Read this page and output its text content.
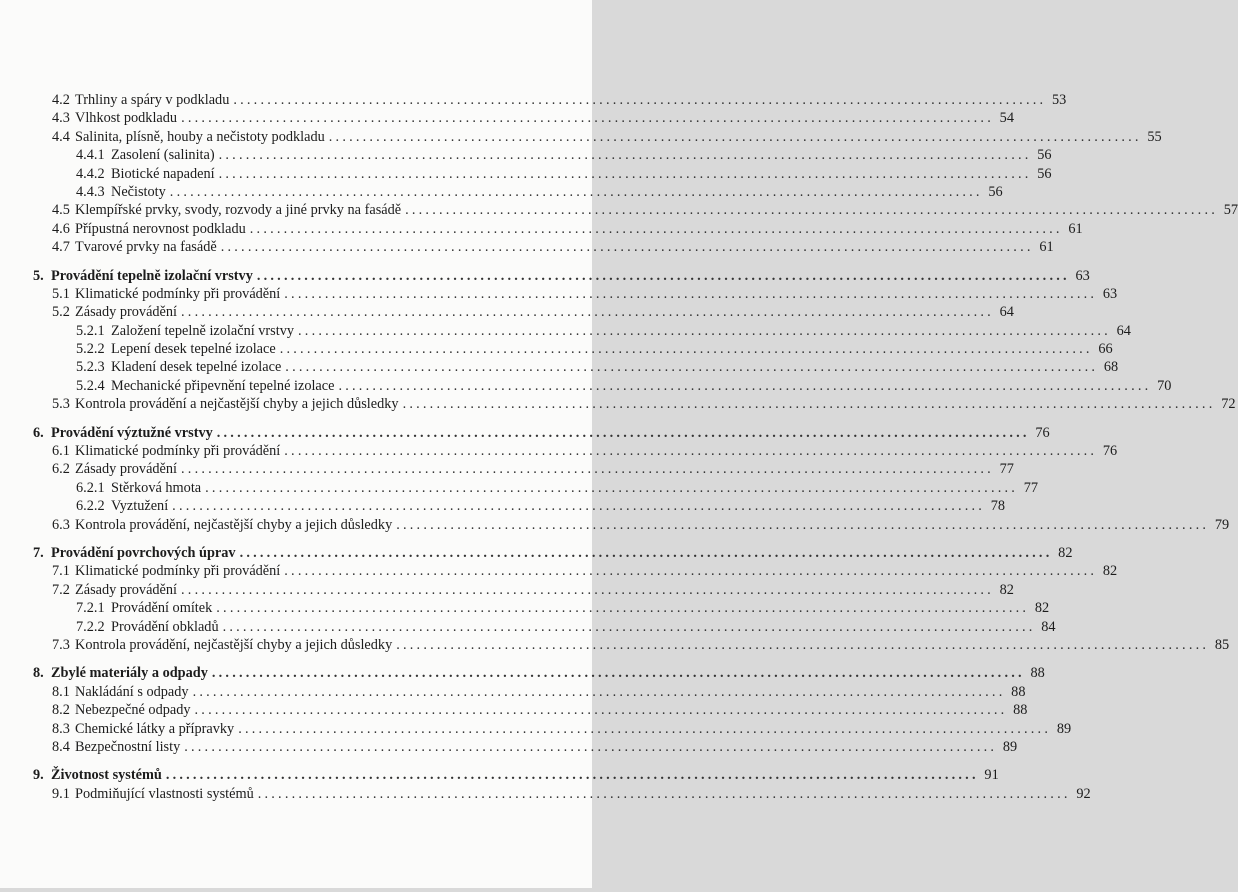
4.2 Trhliny a spáry v podkladu ........................................................................................................................ 53
4.3 Vlhkost podkladu ........................................................................................................................ 54
4.4 Salinita, plísně, houby a nečistoty podkladu ........................................................................................................................ 55
4.4.1 Zasolení (salinita) ........................................................................................................................ 56
4.4.2 Biotické napadení ........................................................................................................................ 56
4.4.3 Nečistoty ........................................................................................................................ 56
4.5 Klempířské prvky, svody, rozvody a jiné prvky na fasádě ........................................................................................................................ 57
4.6 Přípustná nerovnost podkladu ........................................................................................................................ 61
4.7 Tvarové prvky na fasádě ........................................................................................................................ 61
5. Provádění tepelně izolační vrstvy ........................................................................................................................ 63
5.1 Klimatické podmínky při provádění ........................................................................................................................ 63
5.2 Zásady provádění ........................................................................................................................ 64
5.2.1 Založení tepelně izolační vrstvy ........................................................................................................................ 64
5.2.2 Lepení desek tepelné izolace ........................................................................................................................ 66
5.2.3 Kladení desek tepelné izolace ........................................................................................................................ 68
5.2.4 Mechanické připevnění tepelné izolace ........................................................................................................................ 70
5.3 Kontrola provádění a nejčastější chyby a jejich důsledky ........................................................................................................................ 72
6. Provádění výztužné vrstvy ........................................................................................................................ 76
6.1 Klimatické podmínky při provádění ........................................................................................................................ 76
6.2 Zásady provádění ........................................................................................................................ 77
6.2.1 Stěrková hmota ........................................................................................................................ 77
6.2.2 Vyztužení ........................................................................................................................ 78
6.3 Kontrola provádění, nejčastější chyby a jejich důsledky ........................................................................................................................ 79
7. Provádění povrchových úprav ........................................................................................................................ 82
7.1 Klimatické podmínky při provádění ........................................................................................................................ 82
7.2 Zásady provádění ........................................................................................................................ 82
7.2.1 Provádění omítek ........................................................................................................................ 82
7.2.2 Provádění obkladů ........................................................................................................................ 84
7.3 Kontrola provádění, nejčastější chyby a jejich důsledky ........................................................................................................................ 85
8. Zbylé materiály a odpady ........................................................................................................................ 88
8.1 Nakládání s odpady ........................................................................................................................ 88
8.2 Nebezpečné odpady ........................................................................................................................ 88
8.3 Chemické látky a přípravky ........................................................................................................................ 89
8.4 Bezpečnostní listy ........................................................................................................................ 89
9. Životnost systémů ........................................................................................................................ 91
9.1 Podmiňující vlastnosti systémů ........................................................................................................................ 92
